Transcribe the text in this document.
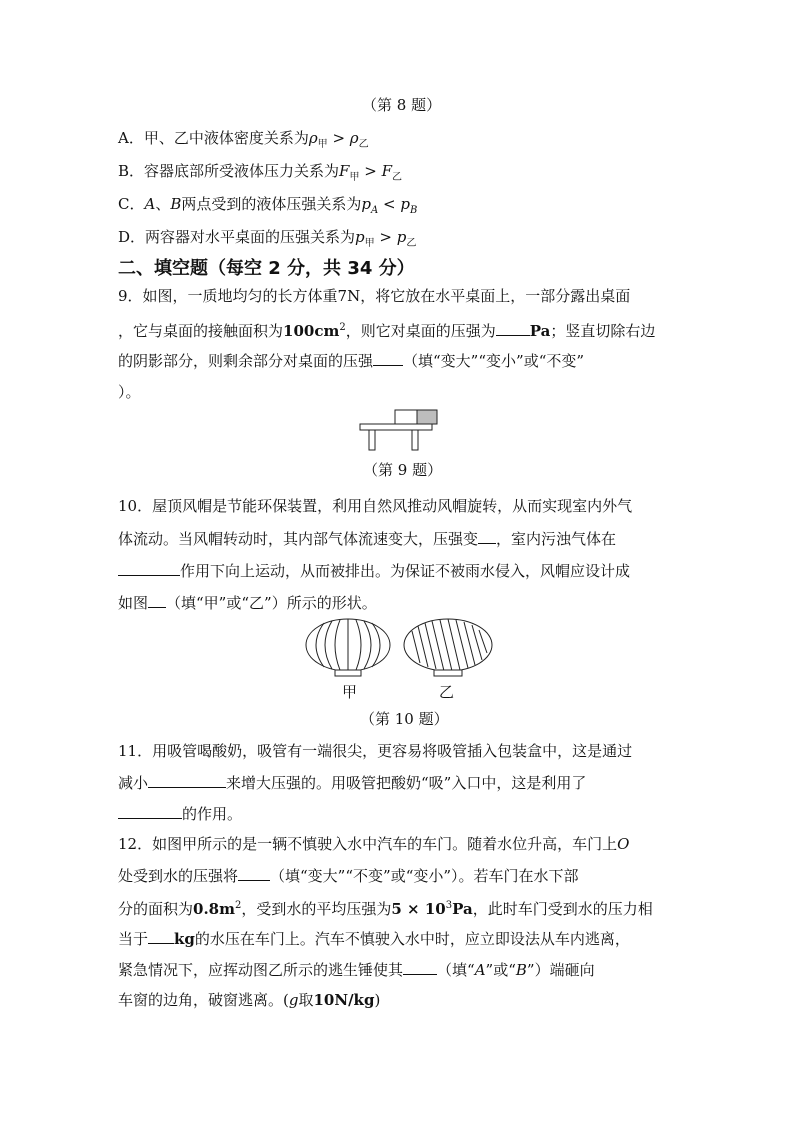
（第 8 题）
A．甲、乙中液体密度关系为$\rho_甲 > \rho_乙$
B．容器底部所受液体压力关系为$F_甲 > F_乙$
C．A、B两点受到的液体压强关系为$p_A < p_B$
D．两容器对水平桌面的压强关系为$p_甲 > p_乙$
二、填空题（每空 2 分，共 34 分）
9．如图，一质地均匀的长方体重7N，将它放在水平桌面上，一部分露出桌面
，它与桌面的接触面积为$100cm^2$，则它对桌面的压强为 Pa；竖直切除右边
的阴影部分，则剩余部分对桌面的压强 （填“变大”“变小”或“不变”
）。
（第 9 题）
10．屋顶风帽是节能环保装置，利用自然风推动风帽旋转，从而实现室内外气
体流动。当风帽转动时，其内部气体流速变大，压强变 ，室内污浊气体在
作用下向上运动，从而被排出。为保证不被雨水侵入，风帽应设计成
如图 （填“甲”或“乙”）所示的形状。
甲	乙
（第 10 题）
11．用吸管喝酸奶，吸管有一端很尖，更容易将吸管插入包装盒中，这是通过
减小	来增大压强的。用吸管把酸奶“吸”入口中，这是利用了
的作用。
12．如图甲所示的是一辆不慎驶入水中汽车的车门。随着水位升高，车门上O
处受到水的压强将 （填“变大”“不变”或“变小”）。若车门在水下部
分的面积为$0.8m^2$，受到水的平均压强为$5 \times 10^3Pa$，此时车门受到水的压力相
当于 kg的水压在车门上。汽车不慎驶入水中时，应立即设法从车内逃离，
紧急情况下，应挥动图乙所示的逃生锤使其 （填“A”或“B”）端砸向
车窗的边角，破窗逃离。(g取10N/kg)
